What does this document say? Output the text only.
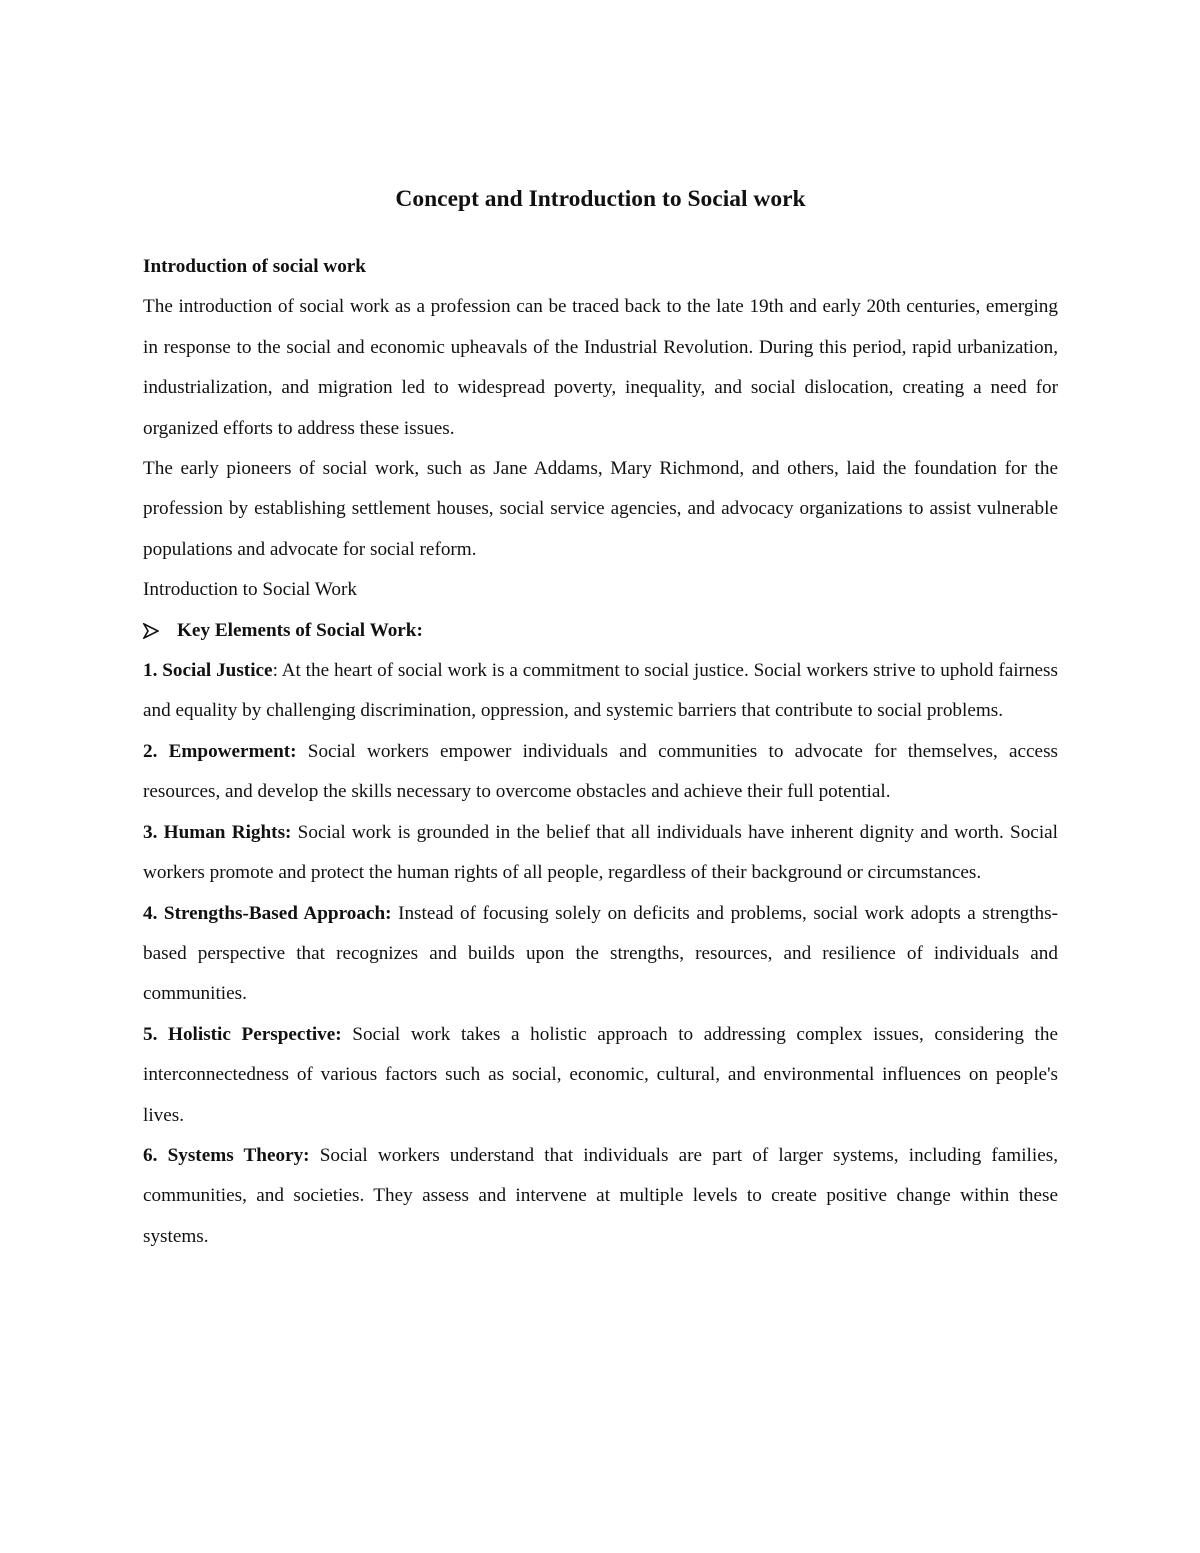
Concept and Introduction to Social work

Introduction of social work

The introduction of social work as a profession can be traced back to the late 19th and early 20th centuries, emerging in response to the social and economic upheavals of the Industrial Revolution. During this period, rapid urbanization, industrialization, and migration led to widespread poverty, inequality, and social dislocation, creating a need for organized efforts to address these issues.

The early pioneers of social work, such as Jane Addams, Mary Richmond, and others, laid the foundation for the profession by establishing settlement houses, social service agencies, and advocacy organizations to assist vulnerable populations and advocate for social reform.

Introduction to Social Work

Key Elements of Social Work:

1. Social Justice: At the heart of social work is a commitment to social justice. Social workers strive to uphold fairness and equality by challenging discrimination, oppression, and systemic barriers that contribute to social problems.

2. Empowerment: Social workers empower individuals and communities to advocate for themselves, access resources, and develop the skills necessary to overcome obstacles and achieve their full potential.

3. Human Rights: Social work is grounded in the belief that all individuals have inherent dignity and worth. Social workers promote and protect the human rights of all people, regardless of their background or circumstances.

4. Strengths-Based Approach: Instead of focusing solely on deficits and problems, social work adopts a strengths-based perspective that recognizes and builds upon the strengths, resources, and resilience of individuals and communities.

5. Holistic Perspective: Social work takes a holistic approach to addressing complex issues, considering the interconnectedness of various factors such as social, economic, cultural, and environmental influences on people's lives.

6. Systems Theory: Social workers understand that individuals are part of larger systems, including families, communities, and societies. They assess and intervene at multiple levels to create positive change within these systems.
